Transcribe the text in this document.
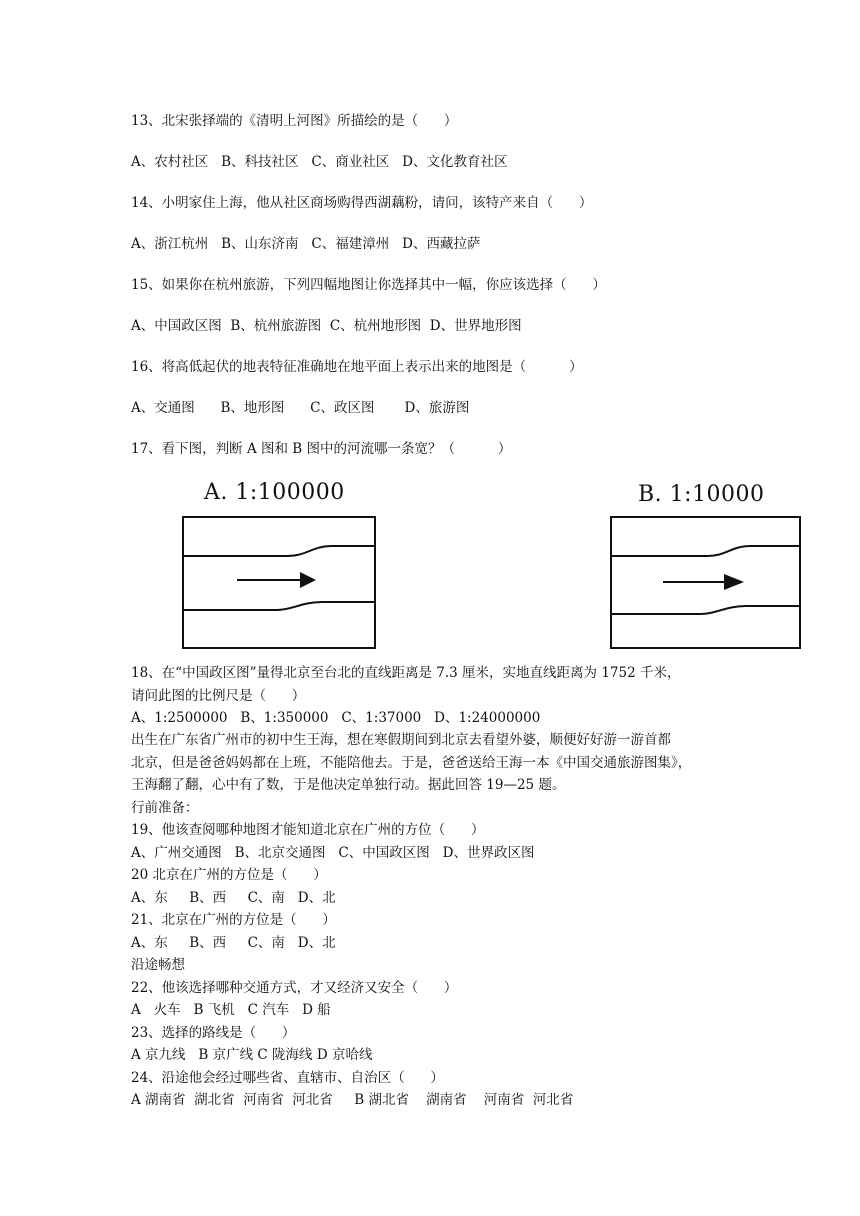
13、北宋张择端的《清明上河图》所描绘的是（      ）
A、农村社区   B、科技社区   C、商业社区   D、文化教育社区
14、小明家住上海，他从社区商场购得西湖藕粉，请问，该特产来自（      ）
A、浙江杭州   B、山东济南   C、福建漳州   D、西藏拉萨
15、如果你在杭州旅游，下列四幅地图让你选择其中一幅，你应该选择（      ）
A、中国政区图  B、杭州旅游图  C、杭州地形图  D、世界地形图
16、将高低起伏的地表特征准确地在地平面上表示出来的地图是（          ）
A、交通图      B、地形图      C、政区图       D、旅游图
17、看下图，判断 A 图和 B 图中的河流哪一条宽？（          ）
A. 1:100000	B. 1:10000
18、在“中国政区图”量得北京至台北的直线距离是 7.3 厘米，实地直线距离为 1752 千米，
请问此图的比例尺是（      ）
A、1:2500000   B、1:350000   C、1:37000   D、1:24000000
出生在广东省广州市的初中生王海，想在寒假期间到北京去看望外婆，顺便好好游一游首都
北京，但是爸爸妈妈都在上班，不能陪他去。于是，爸爸送给王海一本《中国交通旅游图集》，
王海翻了翻，心中有了数，于是他决定单独行动。据此回答 19—25 题。
行前准备：
19、他该查阅哪种地图才能知道北京在广州的方位（      ）
A、广州交通图   B、北京交通图   C、中国政区图   D、世界政区图
20 北京在广州的方位是（      ）
A、东     B、西     C、南   D、北
21、北京在广州的方位是（      ）
A、东     B、西     C、南   D、北
沿途畅想
22、他该选择哪种交通方式，才又经济又安全（      ）
A   火车   B 飞机   C 汽车   D 船
23、选择的路线是（      ）
A 京九线   B 京广线 C 陇海线 D 京哈线
24、沿途他会经过哪些省、直辖市、自治区（      ）
A 湖南省  湖北省  河南省  河北省     B 湖北省    湖南省    河南省  河北省
